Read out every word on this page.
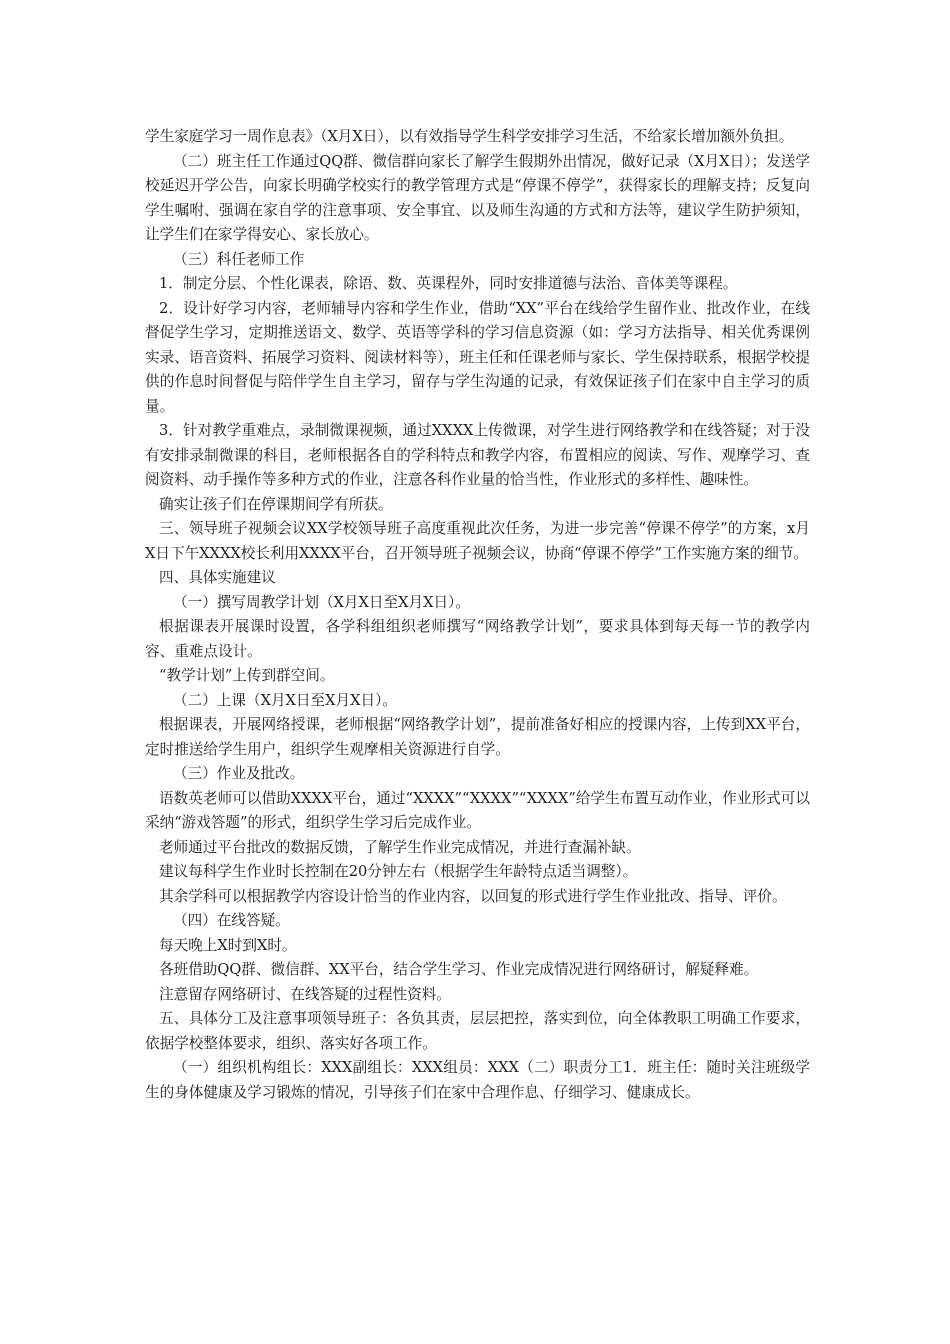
学生家庭学习一周作息表》（X月X日），以有效指导学生科学安排学习生活，不给家长增加额外负担。

（二）班主任工作通过QQ群、微信群向家长了解学生假期外出情况，做好记录（X月X日）；发送学校延迟开学公告，向家长明确学校实行的教学管理方式是“停课不停学”，获得家长的理解支持；反复向学生嘱咐、强调在家自学的注意事项、安全事宜、以及师生沟通的方式和方法等，建议学生防护须知，让学生们在家学得安心、家长放心。

（三）科任老师工作

1．制定分层、个性化课表，除语、数、英课程外，同时安排道德与法治、音体美等课程。

2．设计好学习内容，老师辅导内容和学生作业，借助“XX”平台在线给学生留作业、批改作业，在线督促学生学习，定期推送语文、数学、英语等学科的学习信息资源（如：学习方法指导、相关优秀课例实录、语音资料、拓展学习资料、阅读材料等），班主任和任课老师与家长、学生保持联系，根据学校提供的作息时间督促与陪伴学生自主学习，留存与学生沟通的记录，有效保证孩子们在家中自主学习的质量。

3．针对教学重难点，录制微课视频，通过XXXX上传微课，对学生进行网络教学和在线答疑；对于没有安排录制微课的科目，老师根据各自的学科特点和教学内容，布置相应的阅读、写作、观摩学习、查阅资料、动手操作等多种方式的作业，注意各科作业量的恰当性，作业形式的多样性、趣味性。

确实让孩子们在停课期间学有所获。

三、领导班子视频会议XX学校领导班子高度重视此次任务，为进一步完善“停课不停学”的方案，x月X日下午XXXX校长利用XXXX平台，召开领导班子视频会议，协商“停课不停学”工作实施方案的细节。

四、具体实施建议

（一）撰写周教学计划（X月X日至X月X日）。

根据课表开展课时设置，各学科组组织老师撰写“网络教学计划”，要求具体到每天每一节的教学内容、重难点设计。

“教学计划”上传到群空间。

（二）上课（X月X日至X月X日）。

根据课表，开展网络授课，老师根据“网络教学计划”，提前准备好相应的授课内容，上传到XX平台，定时推送给学生用户，组织学生观摩相关资源进行自学。

（三）作业及批改。

语数英老师可以借助XXXX平台，通过“XXXX”“XXXX”“XXXX”给学生布置互动作业，作业形式可以采纳“游戏答题”的形式，组织学生学习后完成作业。

老师通过平台批改的数据反馈，了解学生作业完成情况，并进行查漏补缺。

建议每科学生作业时长控制在20分钟左右（根据学生年龄特点适当调整）。

其余学科可以根据教学内容设计恰当的作业内容，以回复的形式进行学生作业批改、指导、评价。

（四）在线答疑。

每天晚上X时到X时。

各班借助QQ群、微信群、XX平台，结合学生学习、作业完成情况进行网络研讨，解疑释难。

注意留存网络研讨、在线答疑的过程性资料。

五、具体分工及注意事项领导班子：各负其责，层层把控，落实到位，向全体教职工明确工作要求，依据学校整体要求，组织、落实好各项工作。

（一）组织机构组长：XXX副组长：XXX组员：XXX（二）职责分工1．班主任：随时关注班级学生的身体健康及学习锻炼的情况，引导孩子们在家中合理作息、仔细学习、健康成长。
